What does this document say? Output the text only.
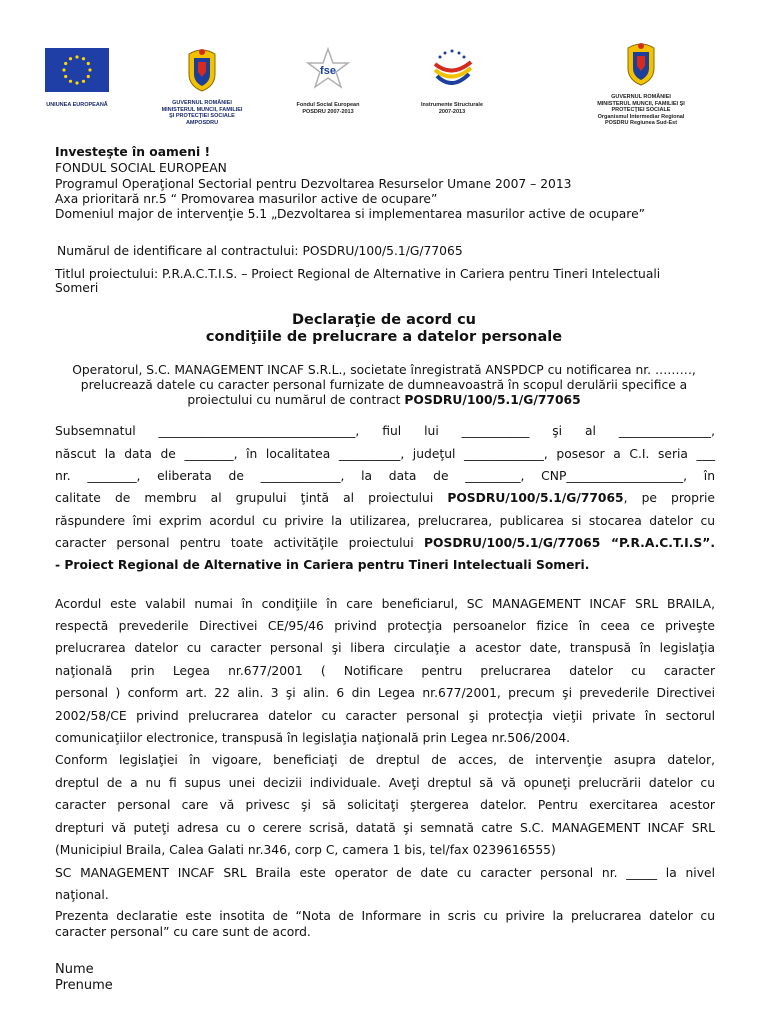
UNIUNEA EUROPEANĂ	GUVERNUL ROMÂNIEI
MINISTERUL MUNCII, FAMILIEI
ŞI PROTECŢIEI SOCIALE
AMPOSDRU
fse
Fondul Social European
POSDRU 2007-2013
Instrumente Structurale
2007-2013
GUVERNUL ROMÂNIEI
MINISTERUL MUNCII, FAMILIEI ŞI
PROTECŢIEI SOCIALE
Organismul Intermediar Regional
POSDRU Regiunea Sud-Est
Investeşte în oameni !
FONDUL SOCIAL EUROPEAN
Programul Operaţional Sectorial pentru Dezvoltarea Resurselor Umane 2007 – 2013
Axa prioritară nr.5 “ Promovarea masurilor active de ocupare”
Domeniul major de intervenţie 5.1 „Dezvoltarea si implementarea masurilor active de ocupare”
Numărul de identificare al contractului: POSDRU/100/5.1/G/77065
Titlul proiectului: P.R.A.C.T.I.S. – Proiect Regional de Alternative in Cariera pentru Tineri Intelectuali
Someri
Declaraţie de acord cu
condiţiile de prelucrare a datelor personale
Operatorul, S.C. MANAGEMENT INCAF S.R.L., societate înregistrată ANSPDCP cu notificarea nr. ………,
prelucrează datele cu caracter personal furnizate de dumneavoastră în scopul derulării specifice a
proiectului cu numărul de contract POSDRU/100/5.1/G/77065
Subsemnatul ________________________________, fiul lui ___________ şi al _______________,
născut la data de ________, în localitatea __________, judeţul _____________, posesor a C.I. seria ___
nr. ________, eliberata de _____________, la data de _________, CNP___________________, în
calitate de membru al grupului ţintă al proiectului POSDRU/100/5.1/G/77065, pe proprie
răspundere îmi exprim acordul cu privire la utilizarea, prelucrarea, publicarea si stocarea datelor cu
caracter personal pentru toate activităţile proiectului POSDRU/100/5.1/G/77065 “P.R.A.C.T.I.S”.
- Proiect Regional de Alternative in Cariera pentru Tineri Intelectuali Someri.
Acordul este valabil numai în condiţiile în care beneficiarul, SC MANAGEMENT INCAF SRL BRAILA,
respectă prevederile Directivei CE/95/46 privind protecţia persoanelor fizice în ceea ce priveşte
prelucrarea datelor cu caracter personal şi libera circulaţie a acestor date, transpusă în legislaţia
naţională prin Legea nr.677/2001 ( Notificare pentru prelucrarea datelor cu caracter
personal ) conform art. 22 alin. 3 şi alin. 6 din Legea nr.677/2001, precum şi prevederile Directivei
2002/58/CE privind prelucrarea datelor cu caracter personal şi protecţia vieţii private în sectorul
comunicaţiilor electronice, transpusă în legislaţia naţională prin Legea nr.506/2004.
Conform legislaţiei în vigoare, beneficiaţi de dreptul de acces, de intervenţie asupra datelor,
dreptul de a nu fi supus unei decizii individuale. Aveţi dreptul să vă opuneţi prelucrării datelor cu
caracter personal care vă privesc şi să solicitaţi ştergerea datelor. Pentru exercitarea acestor
drepturi vă puteţi adresa cu o cerere scrisă, datată şi semnată catre S.C. MANAGEMENT INCAF SRL
(Municipiul Braila, Calea Galati nr.346, corp C, camera 1 bis, tel/fax 0239616555)
SC MANAGEMENT INCAF SRL Braila este operator de date cu caracter personal nr. _____ la nivel
naţional.
Prezenta declaratie este insotita de “Nota de Informare in scris cu privire la prelucrarea datelor cu
caracter personal” cu care sunt de acord.
Nume
Prenume
